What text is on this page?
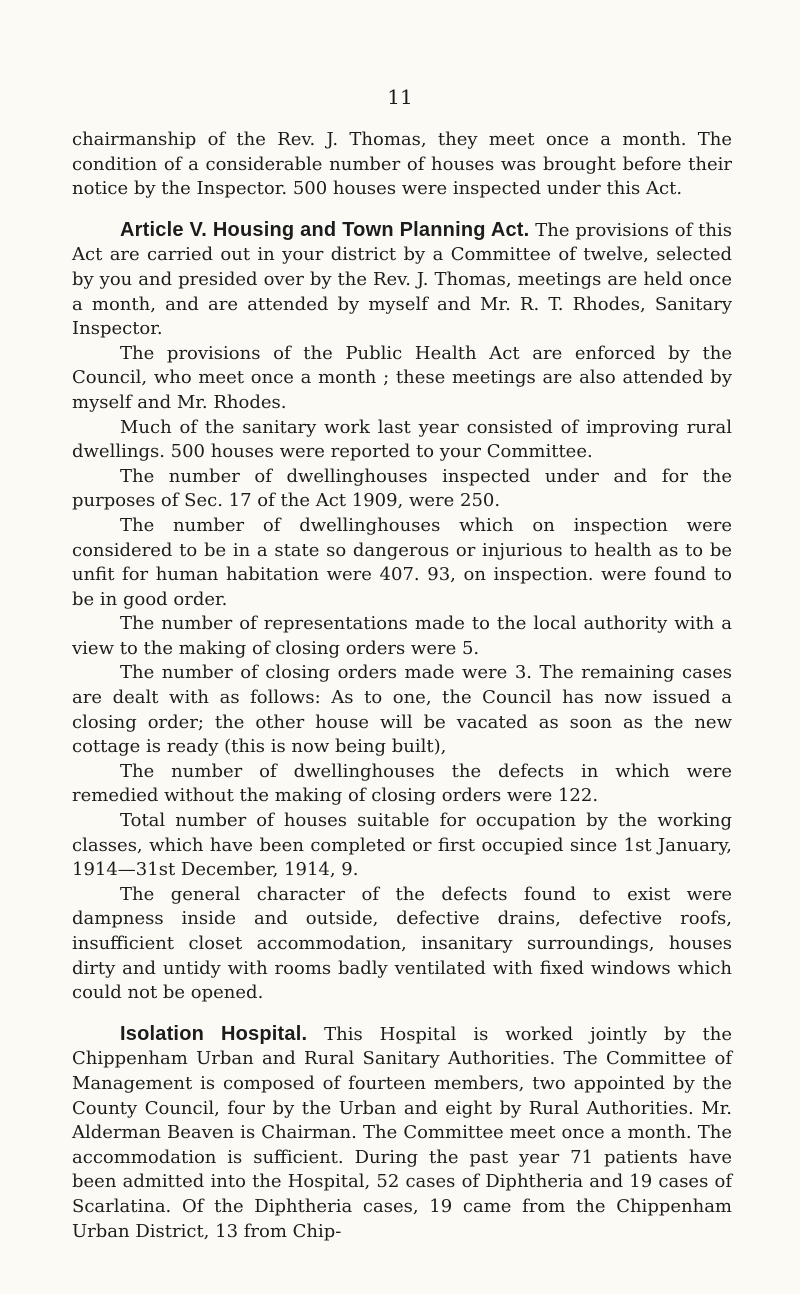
11

chairmanship of the Rev. J. Thomas, they meet once a month. The condition of a considerable number of houses was brought before their notice by the Inspector. 500 houses were inspected under this Act.

Article V. Housing and Town Planning Act. The provisions of this Act are carried out in your district by a Committee of twelve, selected by you and presided over by the Rev. J. Thomas, meetings are held once a month, and are attended by myself and Mr. R. T. Rhodes, Sanitary Inspector.

The provisions of the Public Health Act are enforced by the Council, who meet once a month ; these meetings are also attended by myself and Mr. Rhodes.

Much of the sanitary work last year consisted of improving rural dwellings. 500 houses were reported to your Committee.

The number of dwellinghouses inspected under and for the purposes of Sec. 17 of the Act 1909, were 250.

The number of dwellinghouses which on inspection were considered to be in a state so dangerous or injurious to health as to be unfit for human habitation were 407. 93, on inspection. were found to be in good order.

The number of representations made to the local authority with a view to the making of closing orders were 5.

The number of closing orders made were 3. The remaining cases are dealt with as follows: As to one, the Council has now issued a closing order; the other house will be vacated as soon as the new cottage is ready (this is now being built),

The number of dwellinghouses the defects in which were remedied without the making of closing orders were 122.

Total number of houses suitable for occupation by the working classes, which have been completed or first occupied since 1st January, 1914—31st December, 1914, 9.

The general character of the defects found to exist were dampness inside and outside, defective drains, defective roofs, insufficient closet accommodation, insanitary surroundings, houses dirty and untidy with rooms badly ventilated with fixed windows which could not be opened.

Isolation Hospital. This Hospital is worked jointly by the Chippenham Urban and Rural Sanitary Authorities. The Committee of Management is composed of fourteen members, two appointed by the County Council, four by the Urban and eight by Rural Authorities. Mr. Alderman Beaven is Chairman. The Committee meet once a month. The accommodation is sufficient. During the past year 71 patients have been admitted into the Hospital, 52 cases of Diphtheria and 19 cases of Scarlatina. Of the Diphtheria cases, 19 came from the Chippenham Urban District, 13 from Chip-
